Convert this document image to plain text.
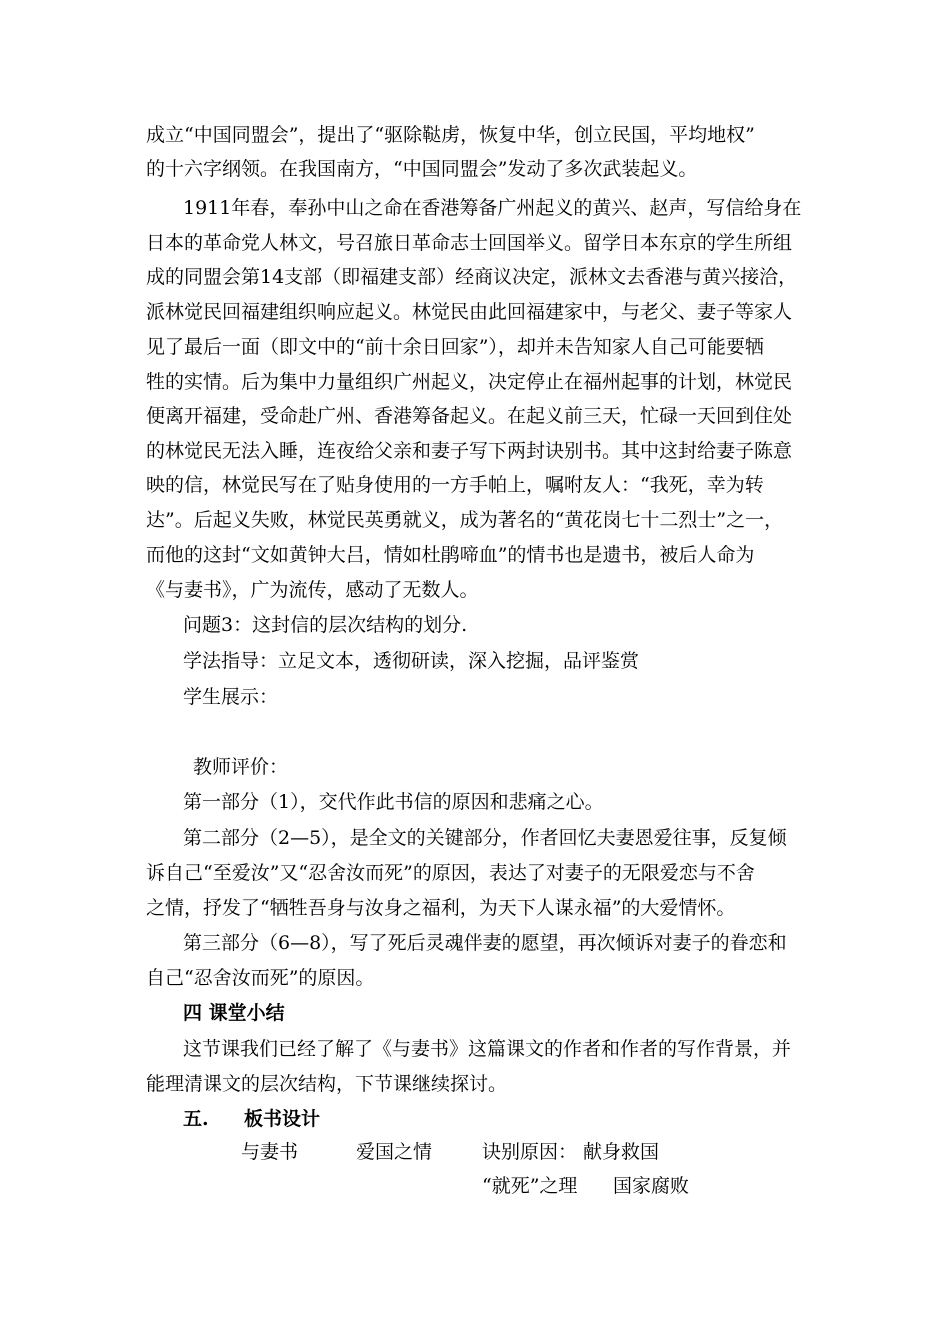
成立“中国同盟会”，提出了“驱除鞑虏，恢复中华，创立民国，平均地权”
的十六字纲领。在我国南方，“中国同盟会”发动了多次武装起义。
1911年春，奉孙中山之命在香港筹备广州起义的黄兴、赵声，写信给身在
日本的革命党人林文，号召旅日革命志士回国举义。留学日本东京的学生所组
成的同盟会第14支部（即福建支部）经商议决定，派林文去香港与黄兴接洽，
派林觉民回福建组织响应起义。林觉民由此回福建家中，与老父、妻子等家人
见了最后一面（即文中的“前十余日回家”），却并未告知家人自己可能要牺
牲的实情。后为集中力量组织广州起义，决定停止在福州起事的计划，林觉民
便离开福建，受命赴广州、香港筹备起义。在起义前三天，忙碌一天回到住处
的林觉民无法入睡，连夜给父亲和妻子写下两封诀别书。其中这封给妻子陈意
映的信，林觉民写在了贴身使用的一方手帕上，嘱咐友人：“我死，幸为转
达”。后起义失败，林觉民英勇就义，成为著名的“黄花岗七十二烈士”之一，
而他的这封“文如黄钟大吕，情如杜鹃啼血”的情书也是遗书，被后人命为
《与妻书》，广为流传，感动了无数人。
问题3：这封信的层次结构的划分.
学法指导：立足文本，透彻研读，深入挖掘，品评鉴赏
学生展示：
教师评价：
第一部分（1），交代作此书信的原因和悲痛之心。
第二部分（2—5），是全文的关键部分，作者回忆夫妻恩爱往事，反复倾
诉自己“至爱汝”又“忍舍汝而死”的原因，表达了对妻子的无限爱恋与不舍
之情，抒发了“牺牲吾身与汝身之福利，为天下人谋永福”的大爱情怀。
第三部分（6—8），写了死后灵魂伴妻的愿望，再次倾诉对妻子的眷恋和
自己“忍舍汝而死”的原因。
四 课堂小结
这节课我们已经了解了《与妻书》这篇课文的作者和作者的写作背景，并
能理清课文的层次结构，下节课继续探讨。
五. 板书设计
与妻书	爱国之情	诀别原因： 献身救国
“就死”之理 国家腐败
